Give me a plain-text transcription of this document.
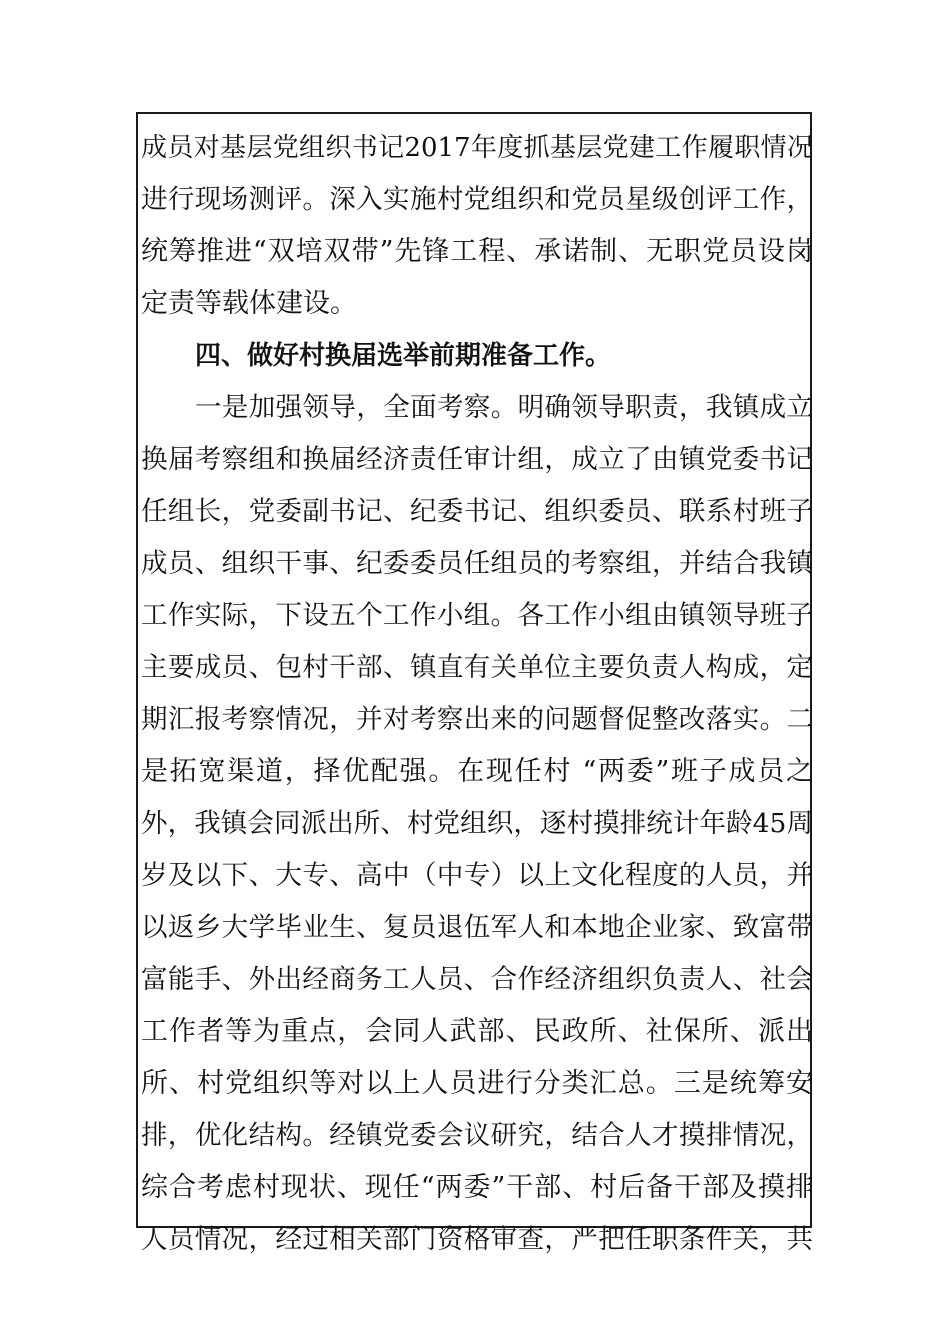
成员对基层党组织书记2017年度抓基层党建工作履职情况
进行现场测评。深入实施村党组织和党员星级创评工作，
统筹推进“双培双带”先锋工程、承诺制、无职党员设岗
定责等载体建设。
四、做好村换届选举前期准备工作。
一是加强领导，全面考察。明确领导职责，我镇成立
换届考察组和换届经济责任审计组，成立了由镇党委书记
任组长，党委副书记、纪委书记、组织委员、联系村班子
成员、组织干事、纪委委员任组员的考察组，并结合我镇
工作实际，下设五个工作小组。各工作小组由镇领导班子
主要成员、包村干部、镇直有关单位主要负责人构成，定
期汇报考察情况，并对考察出来的问题督促整改落实。二
是拓宽渠道，择优配强。在现任村 “两委”班子成员之
外，我镇会同派出所、村党组织，逐村摸排统计年龄45周
岁及以下、大专、高中（中专）以上文化程度的人员，并
以返乡大学毕业生、复员退伍军人和本地企业家、致富带
富能手、外出经商务工人员、合作经济组织负责人、社会
工作者等为重点，会同人武部、民政所、社保所、派出
所、村党组织等对以上人员进行分类汇总。三是统筹安
排，优化结构。经镇党委会议研究，结合人才摸排情况，
综合考虑村现状、现任“两委”干部、村后备干部及摸排
人员情况，经过相关部门资格审查，严把任职条件关，共
